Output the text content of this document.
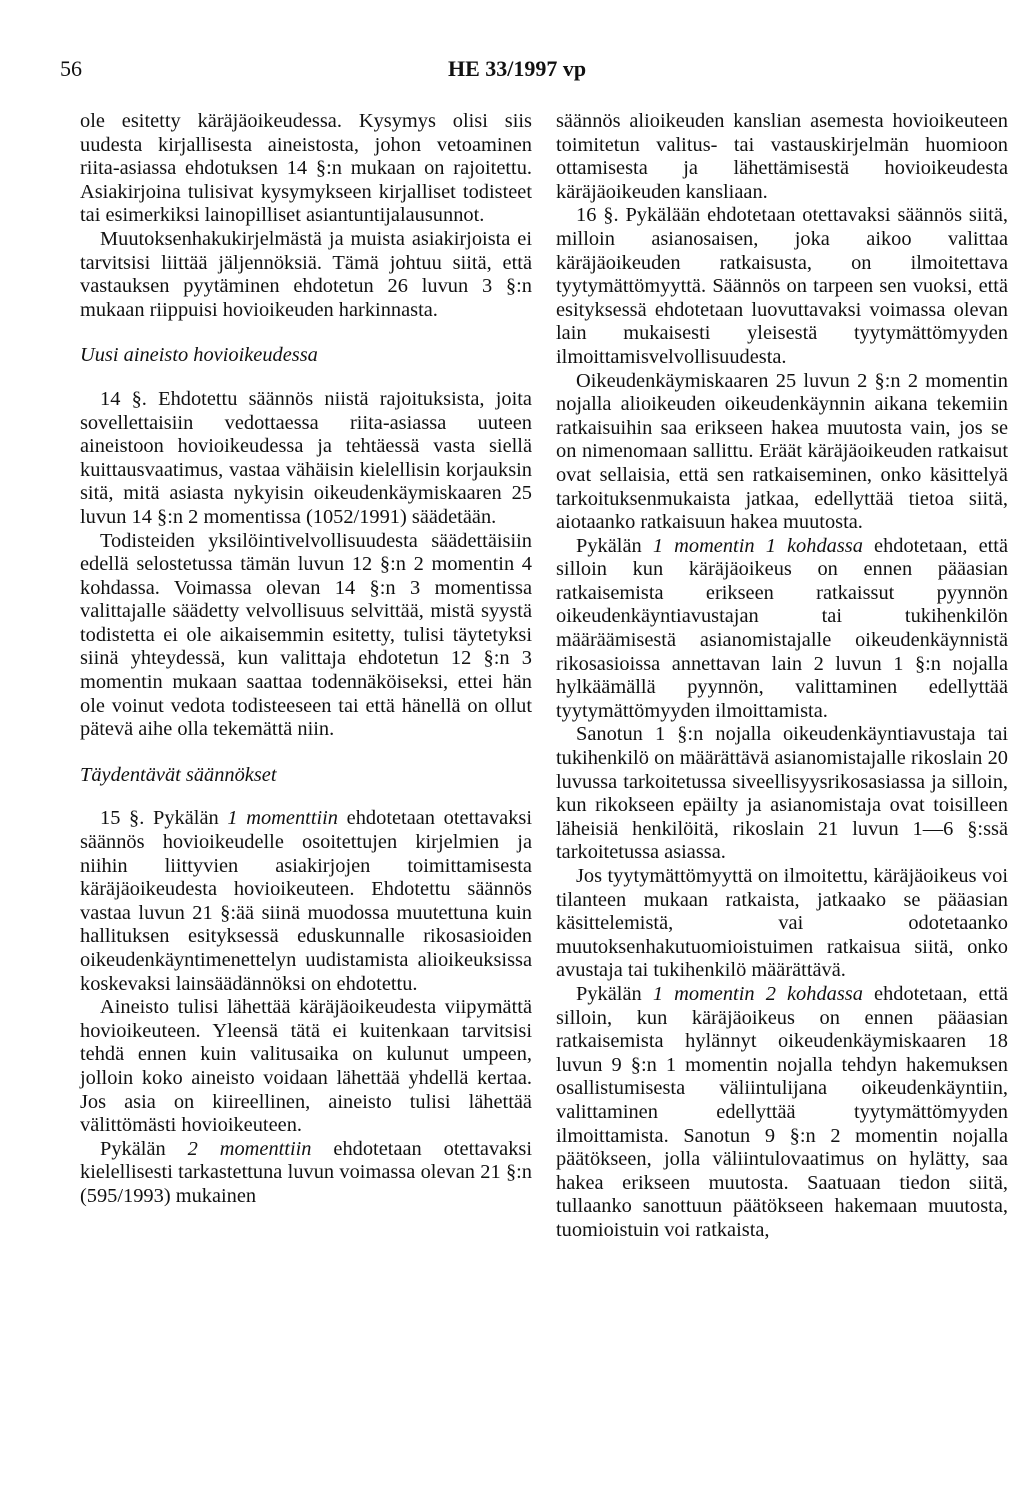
56	HE 33/1997 vp

ole esitetty käräjäoikeudessa. Kysymys olisi siis uudesta kirjallisesta aineistosta, johon vetoaminen riita-asiassa ehdotuksen 14 §:n mukaan on rajoitettu. Asiakirjoina tulisivat kysymykseen kirjalliset todisteet tai esimerkiksi lainopilliset asiantuntijalausunnot.

Muutoksenhakukirjelmästä ja muista asiakirjoista ei tarvitsisi liittää jäljennöksiä. Tämä johtuu siitä, että vastauksen pyytäminen ehdotetun 26 luvun 3 §:n mukaan riippuisi hovioikeuden harkinnasta.

Uusi aineisto hovioikeudessa

14 §. Ehdotettu säännös niistä rajoituksista, joita sovellettaisiin vedottaessa riita-asiassa uuteen aineistoon hovioikeudessa ja tehtäessä vasta siellä kuittausvaatimus, vastaa vähäisin kielellisin korjauksin sitä, mitä asiasta nykyisin oikeudenkäymiskaaren 25 luvun 14 §:n 2 momentissa (1052/1991) säädetään.

Todisteiden yksilöintivelvollisuudesta säädettäisiin edellä selostetussa tämän luvun 12 §:n 2 momentin 4 kohdassa. Voimassa olevan 14 §:n 3 momentissa valittajalle säädetty velvollisuus selvittää, mistä syystä todistetta ei ole aikaisemmin esitetty, tulisi täytetyksi siinä yhteydessä, kun valittaja ehdotetun 12 §:n 3 momentin mukaan saattaa todennäköiseksi, ettei hän ole voinut vedota todisteeseen tai että hänellä on ollut pätevä aihe olla tekemättä niin.

Täydentävät säännökset

15 §. Pykälän 1 momenttiin ehdotetaan otettavaksi säännös hovioikeudelle osoitettujen kirjelmien ja niihin liittyvien asiakirjojen toimittamisesta käräjäoikeudesta hovioikeuteen. Ehdotettu säännös vastaa luvun 21 §:ää siinä muodossa muutettuna kuin hallituksen esityksessä eduskunnalle rikosasioiden oikeudenkäyntimenettelyn uudistamista alioikeuksissa koskevaksi lainsäädännöksi on ehdotettu.

Aineisto tulisi lähettää käräjäoikeudesta viipymättä hovioikeuteen. Yleensä tätä ei kuitenkaan tarvitsisi tehdä ennen kuin valitusaika on kulunut umpeen, jolloin koko aineisto voidaan lähettää yhdellä kertaa. Jos asia on kiireellinen, aineisto tulisi lähettää välittömästi hovioikeuteen.

Pykälän 2 momenttiin ehdotetaan otettavaksi kielellisesti tarkastettuna luvun voimassa olevan 21 §:n (595/1993) mukainen

säännös alioikeuden kanslian asemesta hovioikeuteen toimitetun valitus- tai vastauskirjelmän huomioon ottamisesta ja lähettämisestä hovioikeudesta käräjäoikeuden kansliaan.

16 §. Pykälään ehdotetaan otettavaksi säännös siitä, milloin asianosaisen, joka aikoo valittaa käräjäoikeuden ratkaisusta, on ilmoitettava tyytymättömyyttä. Säännös on tarpeen sen vuoksi, että esityksessä ehdotetaan luovuttavaksi voimassa olevan lain mukaisesti yleisestä tyytymättömyyden ilmoittamisvelvollisuudesta.

Oikeudenkäymiskaaren 25 luvun 2 §:n 2 momentin nojalla alioikeuden oikeudenkäynnin aikana tekemiin ratkaisuihin saa erikseen hakea muutosta vain, jos se on nimenomaan sallittu. Eräät käräjäoikeuden ratkaisut ovat sellaisia, että sen ratkaiseminen, onko käsittelyä tarkoituksenmukaista jatkaa, edellyttää tietoa siitä, aiotaanko ratkaisuun hakea muutosta.

Pykälän 1 momentin 1 kohdassa ehdotetaan, että silloin kun käräjäoikeus on ennen pääasian ratkaisemista erikseen ratkaissut pyynnön oikeudenkäyntiavustajan tai tukihenkilön määräämisestä asianomistajalle oikeudenkäynnistä rikosasioissa annettavan lain 2 luvun 1 §:n nojalla hylkäämällä pyynnön, valittaminen edellyttää tyytymättömyyden ilmoittamista.

Sanotun 1 §:n nojalla oikeudenkäyntiavustaja tai tukihenkilö on määrättävä asianomistajalle rikoslain 20 luvussa tarkoitetussa siveellisyysrikosasiassa ja silloin, kun rikokseen epäilty ja asianomistaja ovat toisilleen läheisiä henkilöitä, rikoslain 21 luvun 1—6 §:ssä tarkoitetussa asiassa.

Jos tyytymättömyyttä on ilmoitettu, käräjäoikeus voi tilanteen mukaan ratkaista, jatkaako se pääasian käsittelemistä, vai odotetaanko muutoksenhakutuomioistuimen ratkaisua siitä, onko avustaja tai tukihenkilö määrättävä.

Pykälän 1 momentin 2 kohdassa ehdotetaan, että silloin, kun käräjäoikeus on ennen pääasian ratkaisemista hylännyt oikeudenkäymiskaaren 18 luvun 9 §:n 1 momentin nojalla tehdyn hakemuksen osallistumisesta väliintulijana oikeudenkäyntiin, valittaminen edellyttää tyytymättömyyden ilmoittamista. Sanotun 9 §:n 2 momentin nojalla päätökseen, jolla väliintulovaatimus on hylätty, saa hakea erikseen muutosta. Saatuaan tiedon siitä, tullaanko sanottuun päätökseen hakemaan muutosta, tuomioistuin voi ratkaista,
